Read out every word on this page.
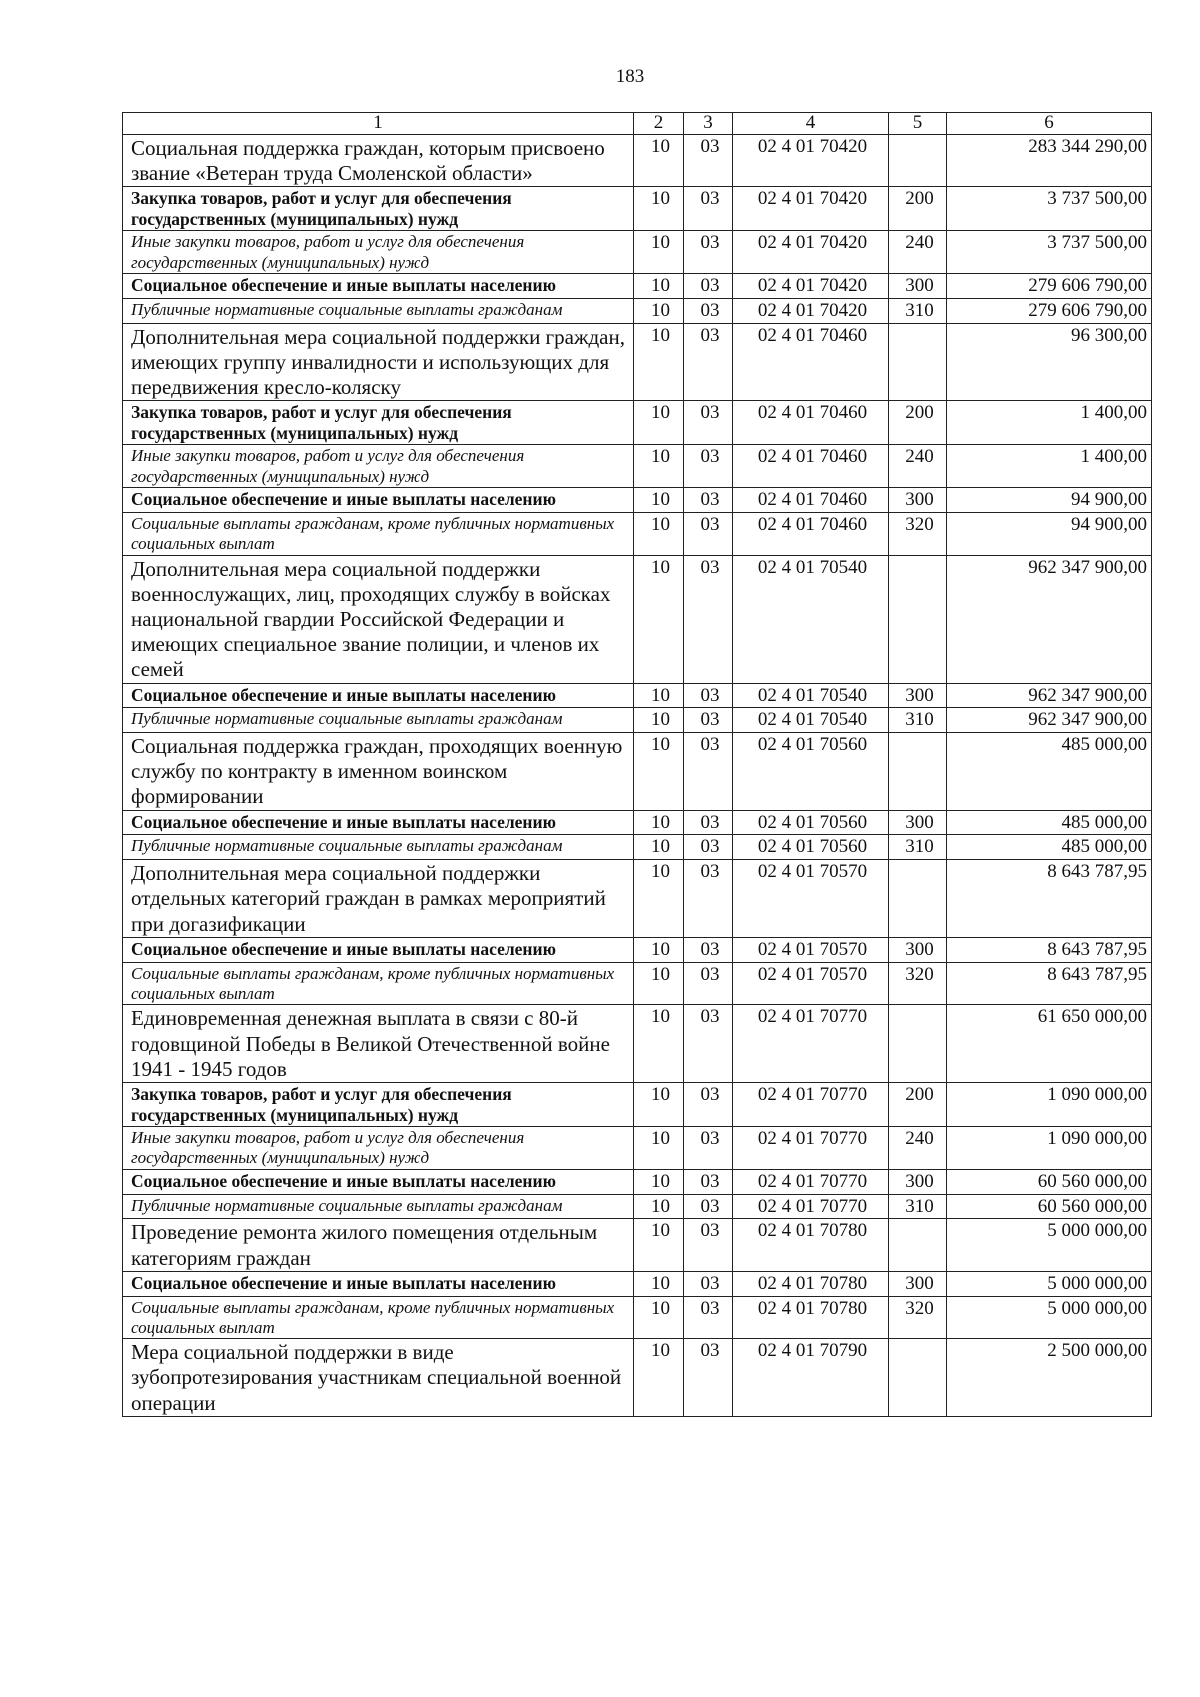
183
1	2	3	4	5	6
Социальная поддержка граждан, которым присвоено звание «Ветеран труда Смоленской области»	10	03	02 4 01 70420		283 344 290,00
Закупка товаров, работ и услуг для обеспечения государственных (муниципальных) нужд	10	03	02 4 01 70420	200	3 737 500,00
Иные закупки товаров, работ и услуг для обеспечения государственных (муниципальных) нужд	10	03	02 4 01 70420	240	3 737 500,00
Социальное обеспечение и иные выплаты населению	10	03	02 4 01 70420	300	279 606 790,00
Публичные нормативные социальные выплаты гражданам	10	03	02 4 01 70420	310	279 606 790,00
Дополнительная мера социальной поддержки граждан, имеющих группу инвалидности и использующих для передвижения кресло-коляску	10	03	02 4 01 70460		96 300,00
Закупка товаров, работ и услуг для обеспечения государственных (муниципальных) нужд	10	03	02 4 01 70460	200	1 400,00
Иные закупки товаров, работ и услуг для обеспечения государственных (муниципальных) нужд	10	03	02 4 01 70460	240	1 400,00
Социальное обеспечение и иные выплаты населению	10	03	02 4 01 70460	300	94 900,00
Социальные выплаты гражданам, кроме публичных нормативных социальных выплат	10	03	02 4 01 70460	320	94 900,00
Дополнительная мера социальной поддержки военнослужащих, лиц, проходящих службу в войсках национальной гвардии Российской Федерации и имеющих специальное звание полиции, и членов их семей	10	03	02 4 01 70540		962 347 900,00
Социальное обеспечение и иные выплаты населению	10	03	02 4 01 70540	300	962 347 900,00
Публичные нормативные социальные выплаты гражданам	10	03	02 4 01 70540	310	962 347 900,00
Социальная поддержка граждан, проходящих военную службу по контракту в именном воинском формировании	10	03	02 4 01 70560		485 000,00
Социальное обеспечение и иные выплаты населению	10	03	02 4 01 70560	300	485 000,00
Публичные нормативные социальные выплаты гражданам	10	03	02 4 01 70560	310	485 000,00
Дополнительная мера социальной поддержки отдельных категорий граждан в рамках мероприятий при догазификации	10	03	02 4 01 70570		8 643 787,95
Социальное обеспечение и иные выплаты населению	10	03	02 4 01 70570	300	8 643 787,95
Социальные выплаты гражданам, кроме публичных нормативных социальных выплат	10	03	02 4 01 70570	320	8 643 787,95
Единовременная денежная выплата в связи с 80-й годовщиной Победы в Великой Отечественной войне 1941 - 1945 годов	10	03	02 4 01 70770		61 650 000,00
Закупка товаров, работ и услуг для обеспечения государственных (муниципальных) нужд	10	03	02 4 01 70770	200	1 090 000,00
Иные закупки товаров, работ и услуг для обеспечения государственных (муниципальных) нужд	10	03	02 4 01 70770	240	1 090 000,00
Социальное обеспечение и иные выплаты населению	10	03	02 4 01 70770	300	60 560 000,00
Публичные нормативные социальные выплаты гражданам	10	03	02 4 01 70770	310	60 560 000,00
Проведение ремонта жилого помещения отдельным категориям граждан	10	03	02 4 01 70780		5 000 000,00
Социальное обеспечение и иные выплаты населению	10	03	02 4 01 70780	300	5 000 000,00
Социальные выплаты гражданам, кроме публичных нормативных социальных выплат	10	03	02 4 01 70780	320	5 000 000,00
Мера социальной поддержки в виде зубопротезирования участникам специальной военной операции	10	03	02 4 01 70790		2 500 000,00
